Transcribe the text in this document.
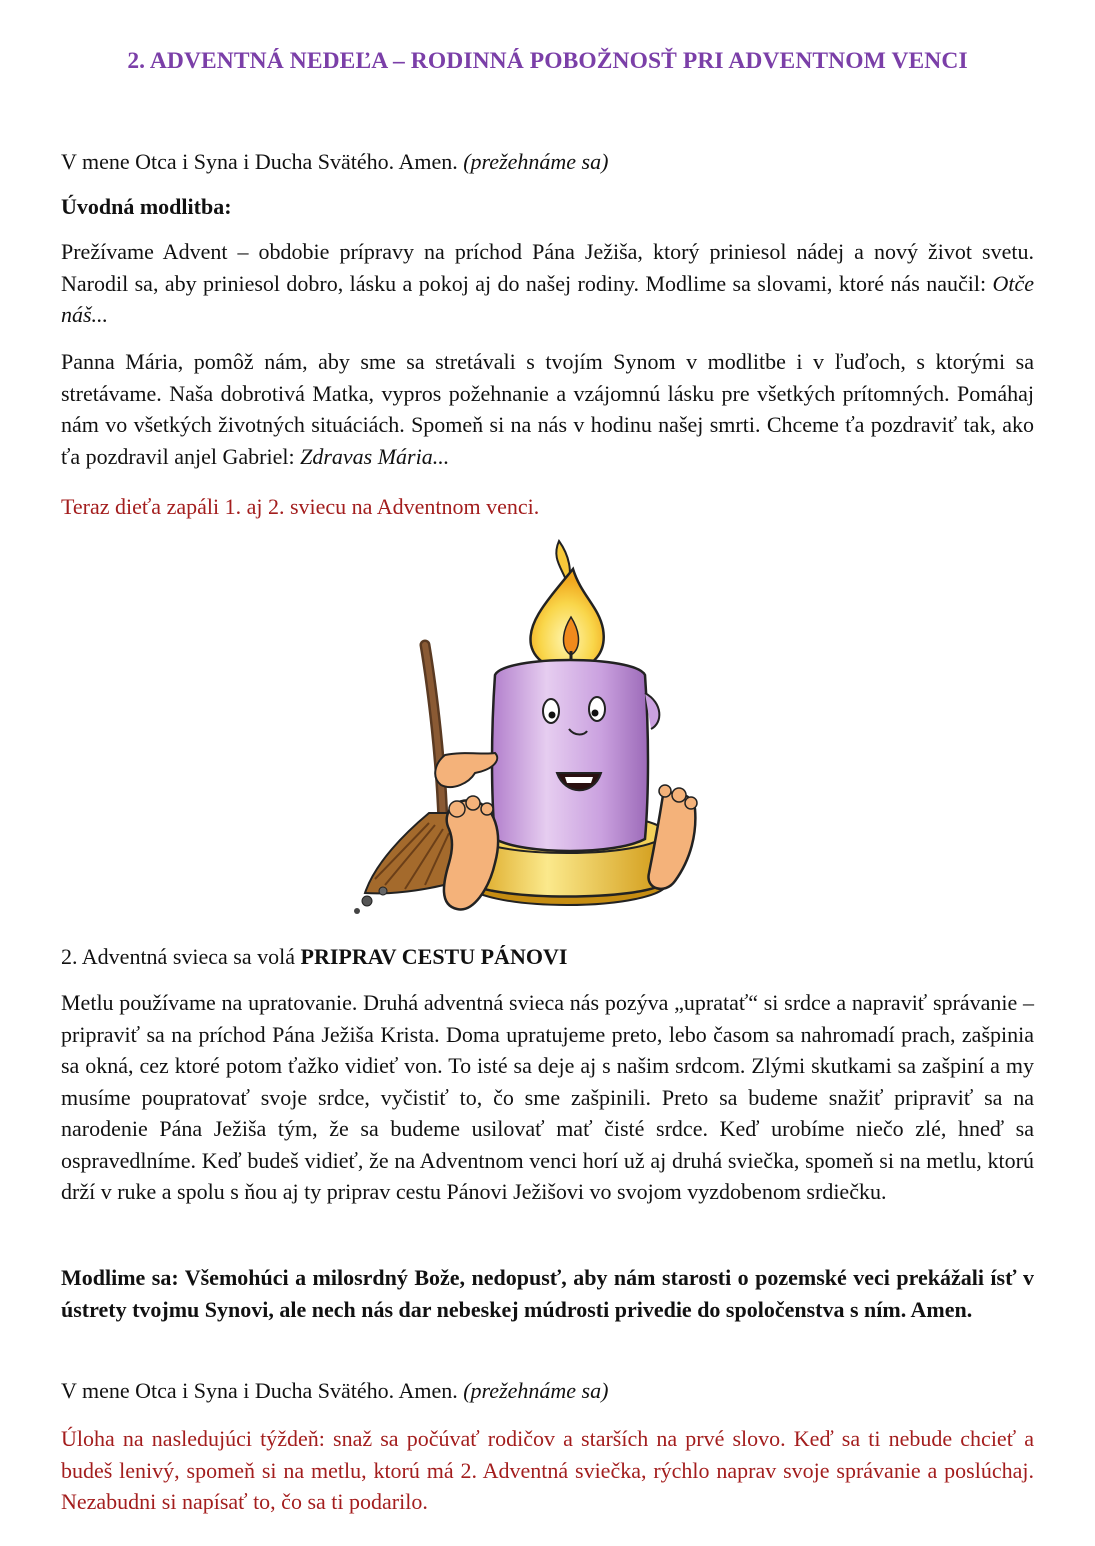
2. ADVENTNÁ NEDEĽA – RODINNÁ POBOŽNOSŤ PRI ADVENTNOM VENCI
V mene Otca i Syna i Ducha Svätého. Amen. (prežehnáme sa)
Úvodná modlitba:
Prežívame Advent – obdobie prípravy na príchod Pána Ježiša, ktorý priniesol nádej a nový život svetu. Narodil sa, aby priniesol dobro, lásku a pokoj aj do našej rodiny. Modlime sa slovami, ktoré nás naučil: Otče náš...
Panna Mária, pomôž nám, aby sme sa stretávali s tvojím Synom v modlitbe i v ľuďoch, s ktorými sa stretávame. Naša dobrotivá Matka, vypros požehnanie a vzájomnú lásku pre všetkých prítomných. Pomáhaj nám vo všetkých životných situáciách. Spomeň si na nás v hodinu našej smrti. Chceme ťa pozdraviť tak, ako ťa pozdravil anjel Gabriel: Zdravas Mária...
Teraz dieťa zapáli 1. aj 2. sviecu na Adventnom venci.
2. Adventná svieca sa volá PRIPRAV CESTU PÁNOVI
Metlu používame na upratovanie. Druhá adventná svieca nás pozýva „upratať“ si srdce a napraviť správanie – pripraviť sa na príchod Pána Ježiša Krista. Doma upratujeme preto, lebo časom sa nahromadí prach, zašpinia sa okná, cez ktoré potom ťažko vidieť von. To isté sa deje aj s našim srdcom. Zlými skutkami sa zašpiní a my musíme poupratovať svoje srdce, vyčistiť to, čo sme zašpinili. Preto sa budeme snažiť pripraviť sa na narodenie Pána Ježiša tým, že sa budeme usilovať mať čisté srdce. Keď urobíme niečo zlé, hneď sa ospravedlníme. Keď budeš vidieť, že na Adventnom venci horí už aj druhá sviečka, spomeň si na metlu, ktorú drží v ruke a spolu s ňou aj ty priprav cestu Pánovi Ježišovi vo svojom vyzdobenom srdiečku.
Modlime sa: Všemohúci a milosrdný Bože, nedopusť, aby nám starosti o pozemské veci prekážali ísť v ústrety tvojmu Synovi, ale nech nás dar nebeskej múdrosti privedie do spoločenstva s ním. Amen.
V mene Otca i Syna i Ducha Svätého. Amen. (prežehnáme sa)
Úloha na nasledujúci týždeň: snaž sa počúvať rodičov a starších na prvé slovo. Keď sa ti nebude chcieť a budeš lenivý, spomeň si na metlu, ktorú má 2. Adventná sviečka, rýchlo naprav svoje správanie a poslúchaj. Nezabudni si napísať to, čo sa ti podarilo.
